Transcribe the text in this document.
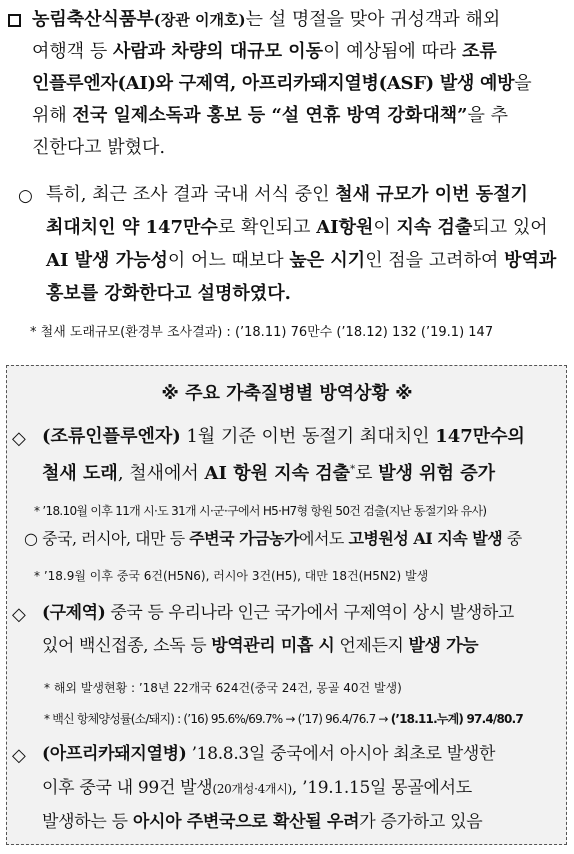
농림축산식품부(장관 이개호)는 설 명절을 맞아 귀성객과 해외
여행객 등 사람과 차량의 대규모 이동이 예상됨에 따라 조류
인플루엔자(AI)와 구제역, 아프리카돼지열병(ASF) 발생 예방을
위해 전국 일제소독과 홍보 등 “설 연휴 방역 강화대책”을 추
진한다고 밝혔다.
○ 특히, 최근 조사 결과 국내 서식 중인 철새 규모가 이번 동절기
최대치인 약 147만수로 확인되고 AI항원이 지속 검출되고 있어
AI 발생 가능성이 어느 때보다 높은 시기인 점을 고려하여 방역과
홍보를 강화한다고 설명하였다.
* 철새 도래규모(환경부 조사결과) : (’18.11) 76만수 (’18.12) 132 (’19.1) 147
※ 주요 가축질병별 방역상황 ※
◇ (조류인플루엔자) 1월 기준 이번 동절기 최대치인 147만수의
철새 도래, 철새에서 AI 항원 지속 검출*로 발생 위험 증가
* ’18.10월 이후 11개 시·도 31개 시·군·구에서 H5·H7형 항원 50건 검출(지난 동절기와 유사)
○ 중국, 러시아, 대만 등 주변국 가금농가에서도 고병원성 AI 지속 발생 중
* ’18.9월 이후 중국 6건(H5N6), 러시아 3건(H5), 대만 18건(H5N2) 발생
◇ (구제역) 중국 등 우리나라 인근 국가에서 구제역이 상시 발생하고
있어 백신접종, 소독 등 방역관리 미흡 시 언제든지 발생 가능
* 해외 발생현황 : ’18년 22개국 624건(중국 24건, 몽골 40건 발생)
* 백신 항체양성률(소/돼지) : (’16) 95.6%/69.7% → (’17) 96.4/76.7 → (’18.11.누계) 97.4/80.7
◇ (아프리카돼지열병) ’18.8.3일 중국에서 아시아 최초로 발생한
이후 중국 내 99건 발생(20개성·4개시), ’19.1.15일 몽골에서도
발생하는 등 아시아 주변국으로 확산될 우려가 증가하고 있음
